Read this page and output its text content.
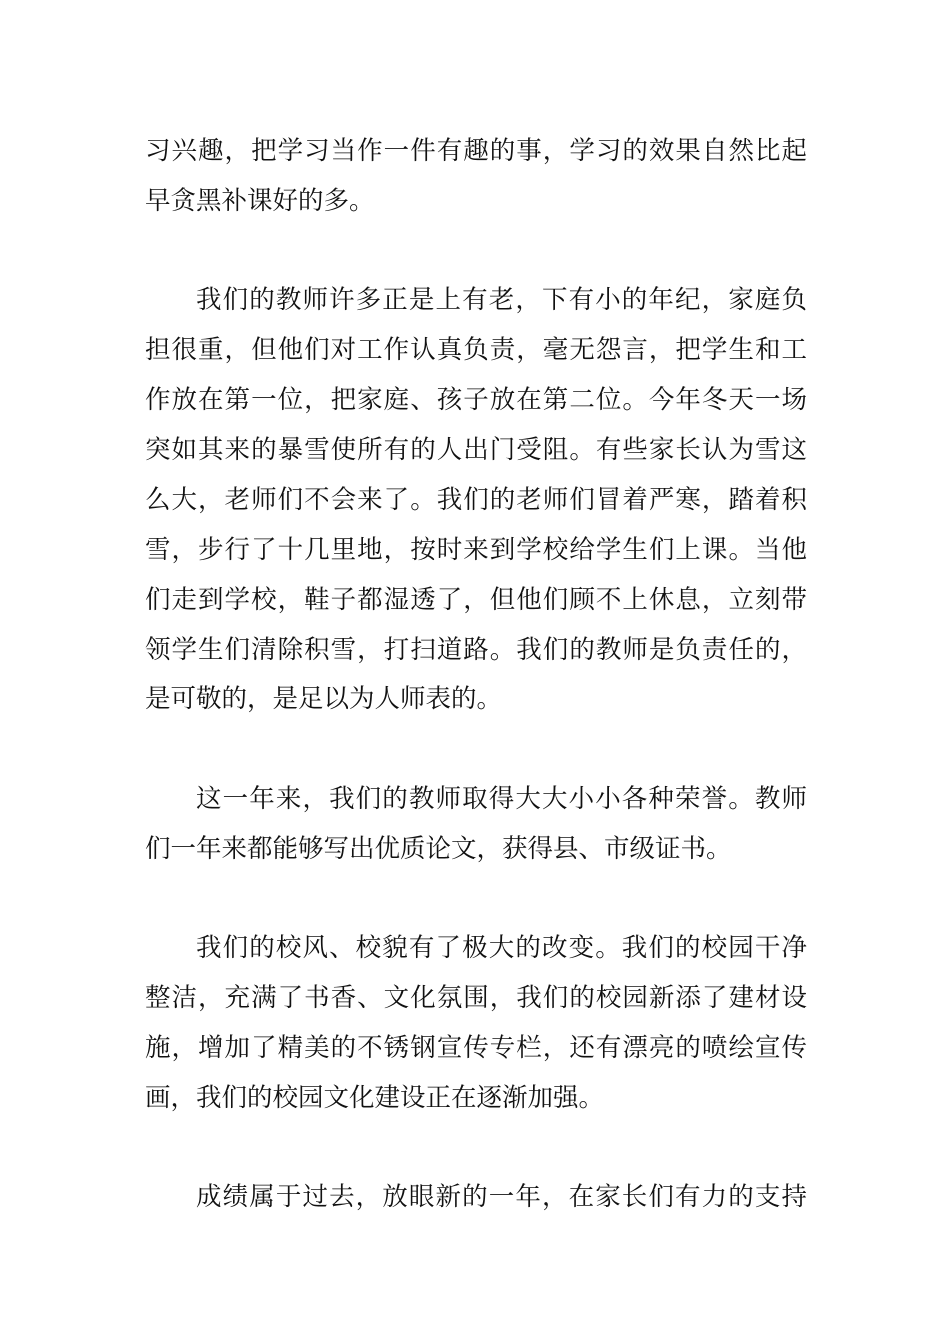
习兴趣，把学习当作一件有趣的事，学习的效果自然比起
早贪黑补课好的多。
我们的教师许多正是上有老，下有小的年纪，家庭负
担很重，但他们对工作认真负责，毫无怨言，把学生和工
作放在第一位，把家庭、孩子放在第二位。今年冬天一场
突如其来的暴雪使所有的人出门受阻。有些家长认为雪这
么大，老师们不会来了。我们的老师们冒着严寒，踏着积
雪，步行了十几里地，按时来到学校给学生们上课。当他
们走到学校，鞋子都湿透了，但他们顾不上休息，立刻带
领学生们清除积雪，打扫道路。我们的教师是负责任的，
是可敬的，是足以为人师表的。
这一年来，我们的教师取得大大小小各种荣誉。教师
们一年来都能够写出优质论文，获得县、市级证书。
我们的校风、校貌有了极大的改变。我们的校园干净
整洁，充满了书香、文化氛围，我们的校园新添了建材设
施，增加了精美的不锈钢宣传专栏，还有漂亮的喷绘宣传
画，我们的校园文化建设正在逐渐加强。
成绩属于过去，放眼新的一年，在家长们有力的支持
